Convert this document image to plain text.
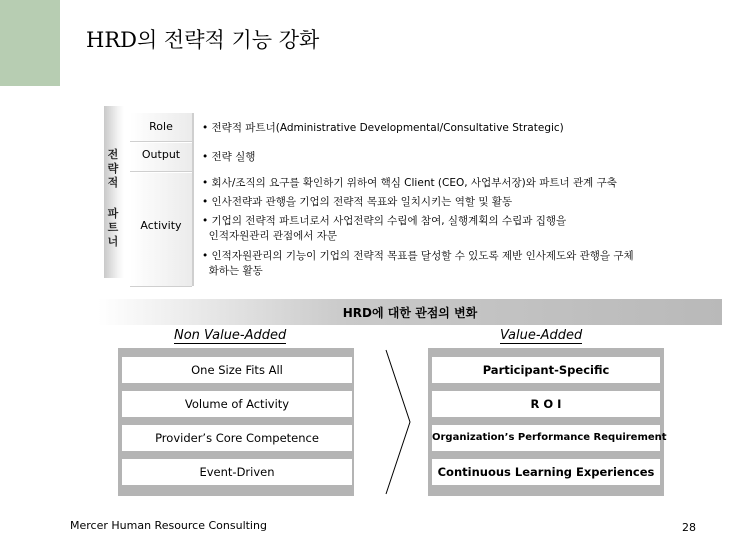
HRD의 전략적 기능 강화
전
략
적
파
트
너
Role
Output
Activity
• 전략적 파트너(Administrative Developmental/Consultative Strategic)
• 전략 실행
• 회사/조직의 요구를 확인하기 위하여 핵심 Client (CEO, 사업부서장)와 파트너 관계 구축
• 인사전략과 관행을 기업의 전략적 목표와 일치시키는 역할 및 활동
• 기업의 전략적 파트너로서 사업전략의 수립에 참여, 실행계획의 수립과 집행을
인적자원관리 관점에서 자문
• 인적자원관리의 기능이 기업의 전략적 목표를 달성할 수 있도록 제반 인사제도와 관행을 구체
화하는 활동
HRD에 대한 관점의 변화
Non Value-Added	Value-Added
One Size Fits All
Volume of Activity
Provider’s Core Competence
Event-Driven
Participant-Specific
R O I
Organization’s Performance Requirement
Continuous Learning Experiences
Mercer Human Resource Consulting	28
